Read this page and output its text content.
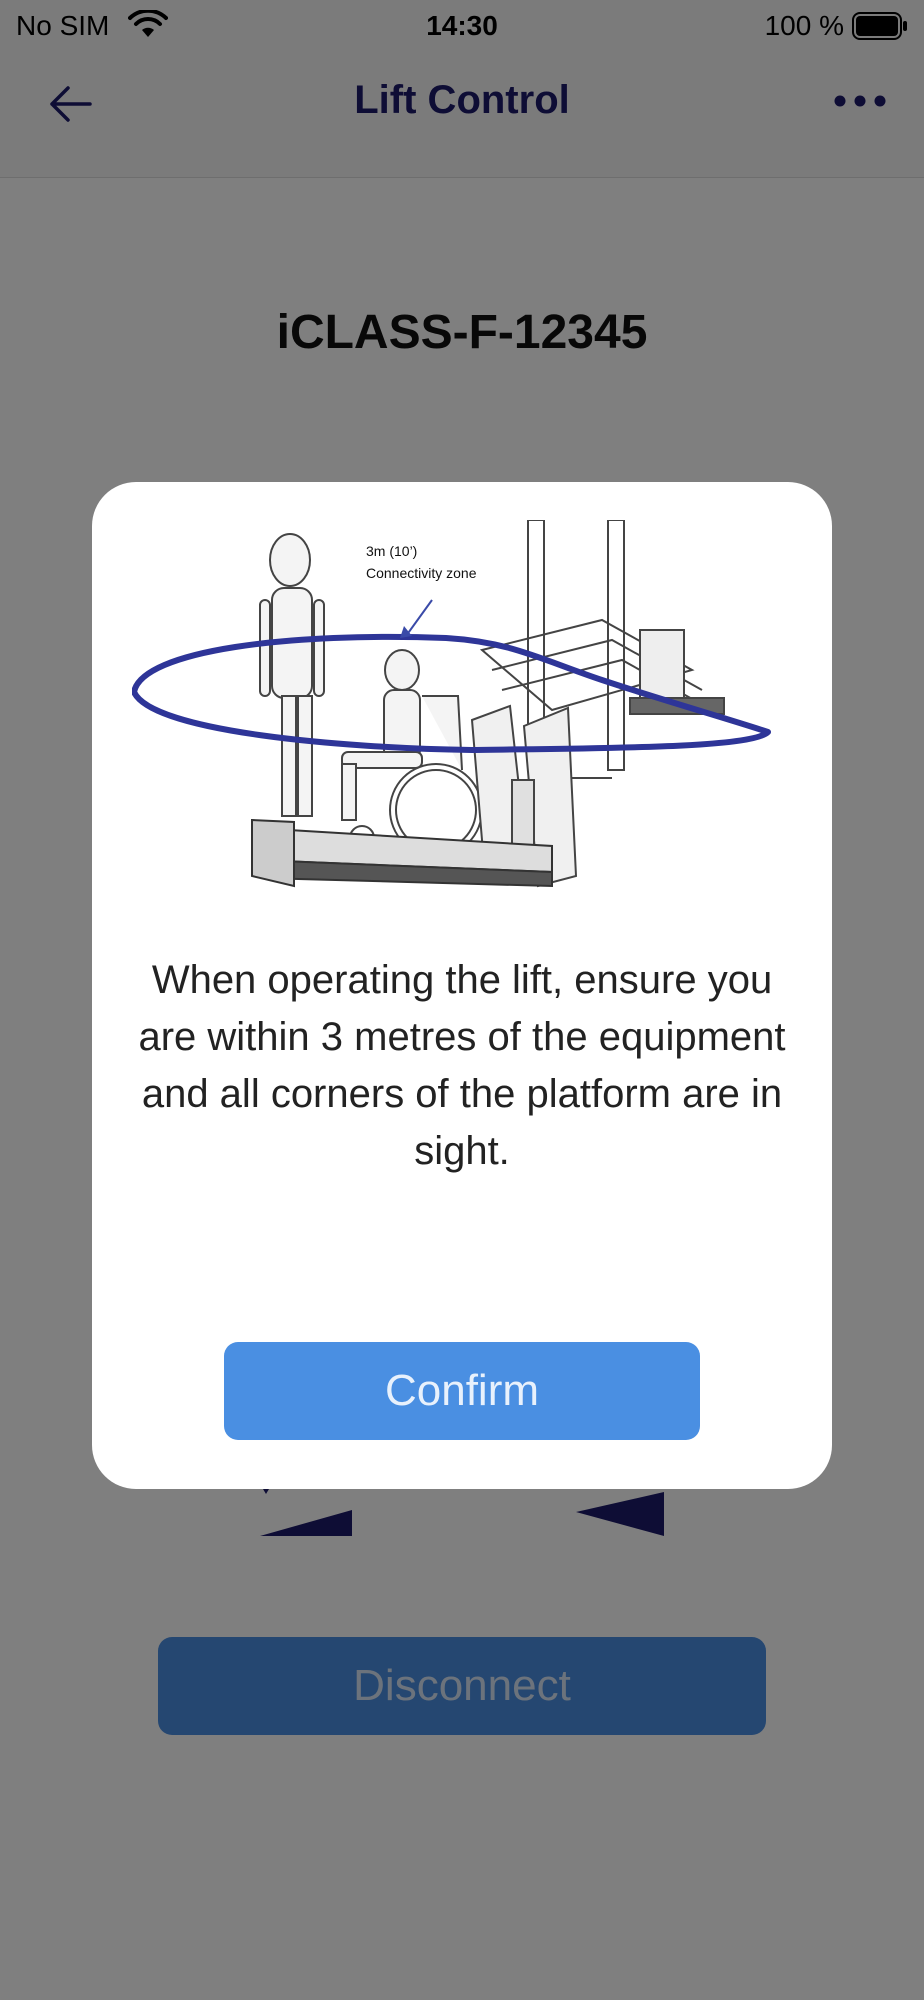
3m (10’)
Connectivity zone
When operating the lift, ensure you are within 3 metres of the equipment and all corners of the platform are in sight.
Confirm
